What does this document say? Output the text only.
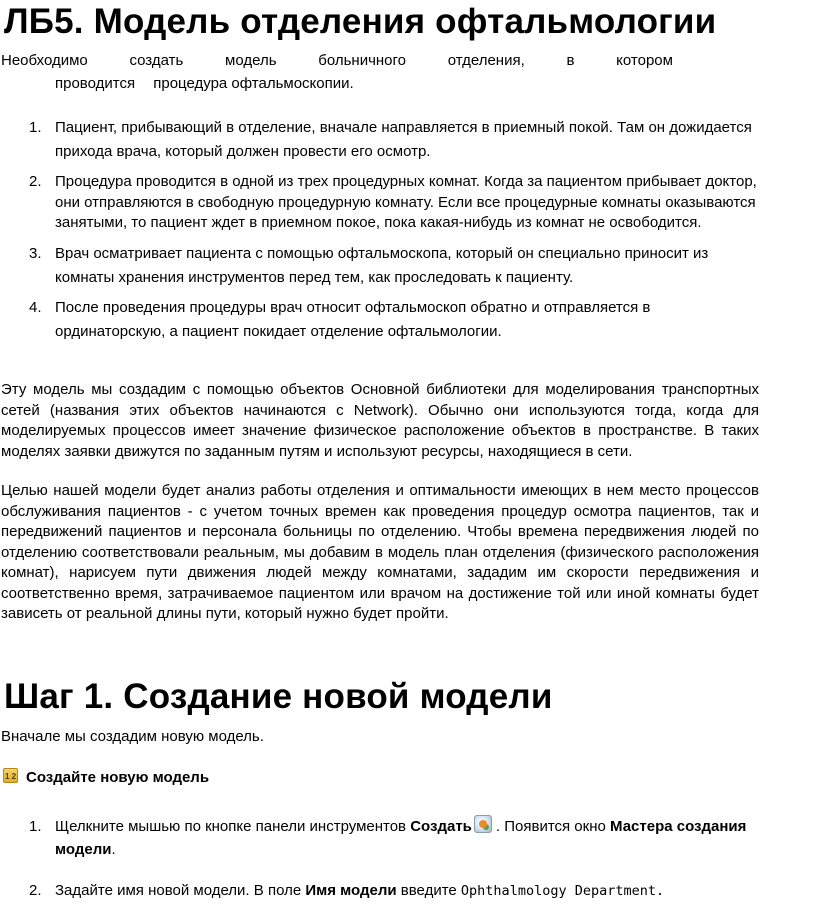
ЛБ5. Модель отделения офтальмологии
Необходимо	создать	модель	больничного	отделения,	в	котором
проводится процедура офтальмоскопии.
1. Пациент, прибывающий в отделение, вначале направляется в приемный покой. Там он дожидается прихода врача, который должен провести его осмотр.
2. Процедура проводится в одной из трех процедурных комнат. Когда за пациентом прибывает доктор, они отправляются в свободную процедурную комнату. Если все процедурные комнаты оказываются занятыми, то пациент ждет в приемном покое, пока какая-нибудь из комнат не освободится.
3. Врач осматривает пациента с помощью офтальмоскопа, который он специально приносит из комнаты хранения инструментов перед тем, как проследовать к пациенту.
4. После проведения процедуры врач относит офтальмоскоп обратно и отправляется в ординаторскую, а пациент покидает отделение офтальмологии.

Эту модель мы создадим с помощью объектов Основной библиотеки для моделирования транспортных сетей (названия этих объектов начинаются с Network). Обычно они используются тогда, когда для моделируемых процессов имеет значение физическое расположение объектов в пространстве. В таких моделях заявки движутся по заданным путям и используют ресурсы, находящиеся в сети.

Целью нашей модели будет анализ работы отделения и оптимальности имеющих в нем место процессов обслуживания пациентов - с учетом точных времен как проведения процедур осмотра пациентов, так и передвижений пациентов и персонала больницы по отделению. Чтобы времена передвижения людей по отделению соответствовали реальным, мы добавим в модель план отделения (физического расположения комнат), нарисуем пути движения людей между комнатами, зададим им скорости передвижения и соответственно время, затрачиваемое пациентом или врачом на достижение той или иной комнаты будет зависеть от реальной длины пути, который нужно будет пройти.

Шаг 1. Создание новой модели

Вначале мы создадим новую модель.

1 2 Создайте новую модель
1. Щелкните мышью по кнопке панели инструментов Создать . Появится окно Мастера создания модели.
2. Задайте имя новой модели. В поле Имя модели введите Ophthalmology Department.
